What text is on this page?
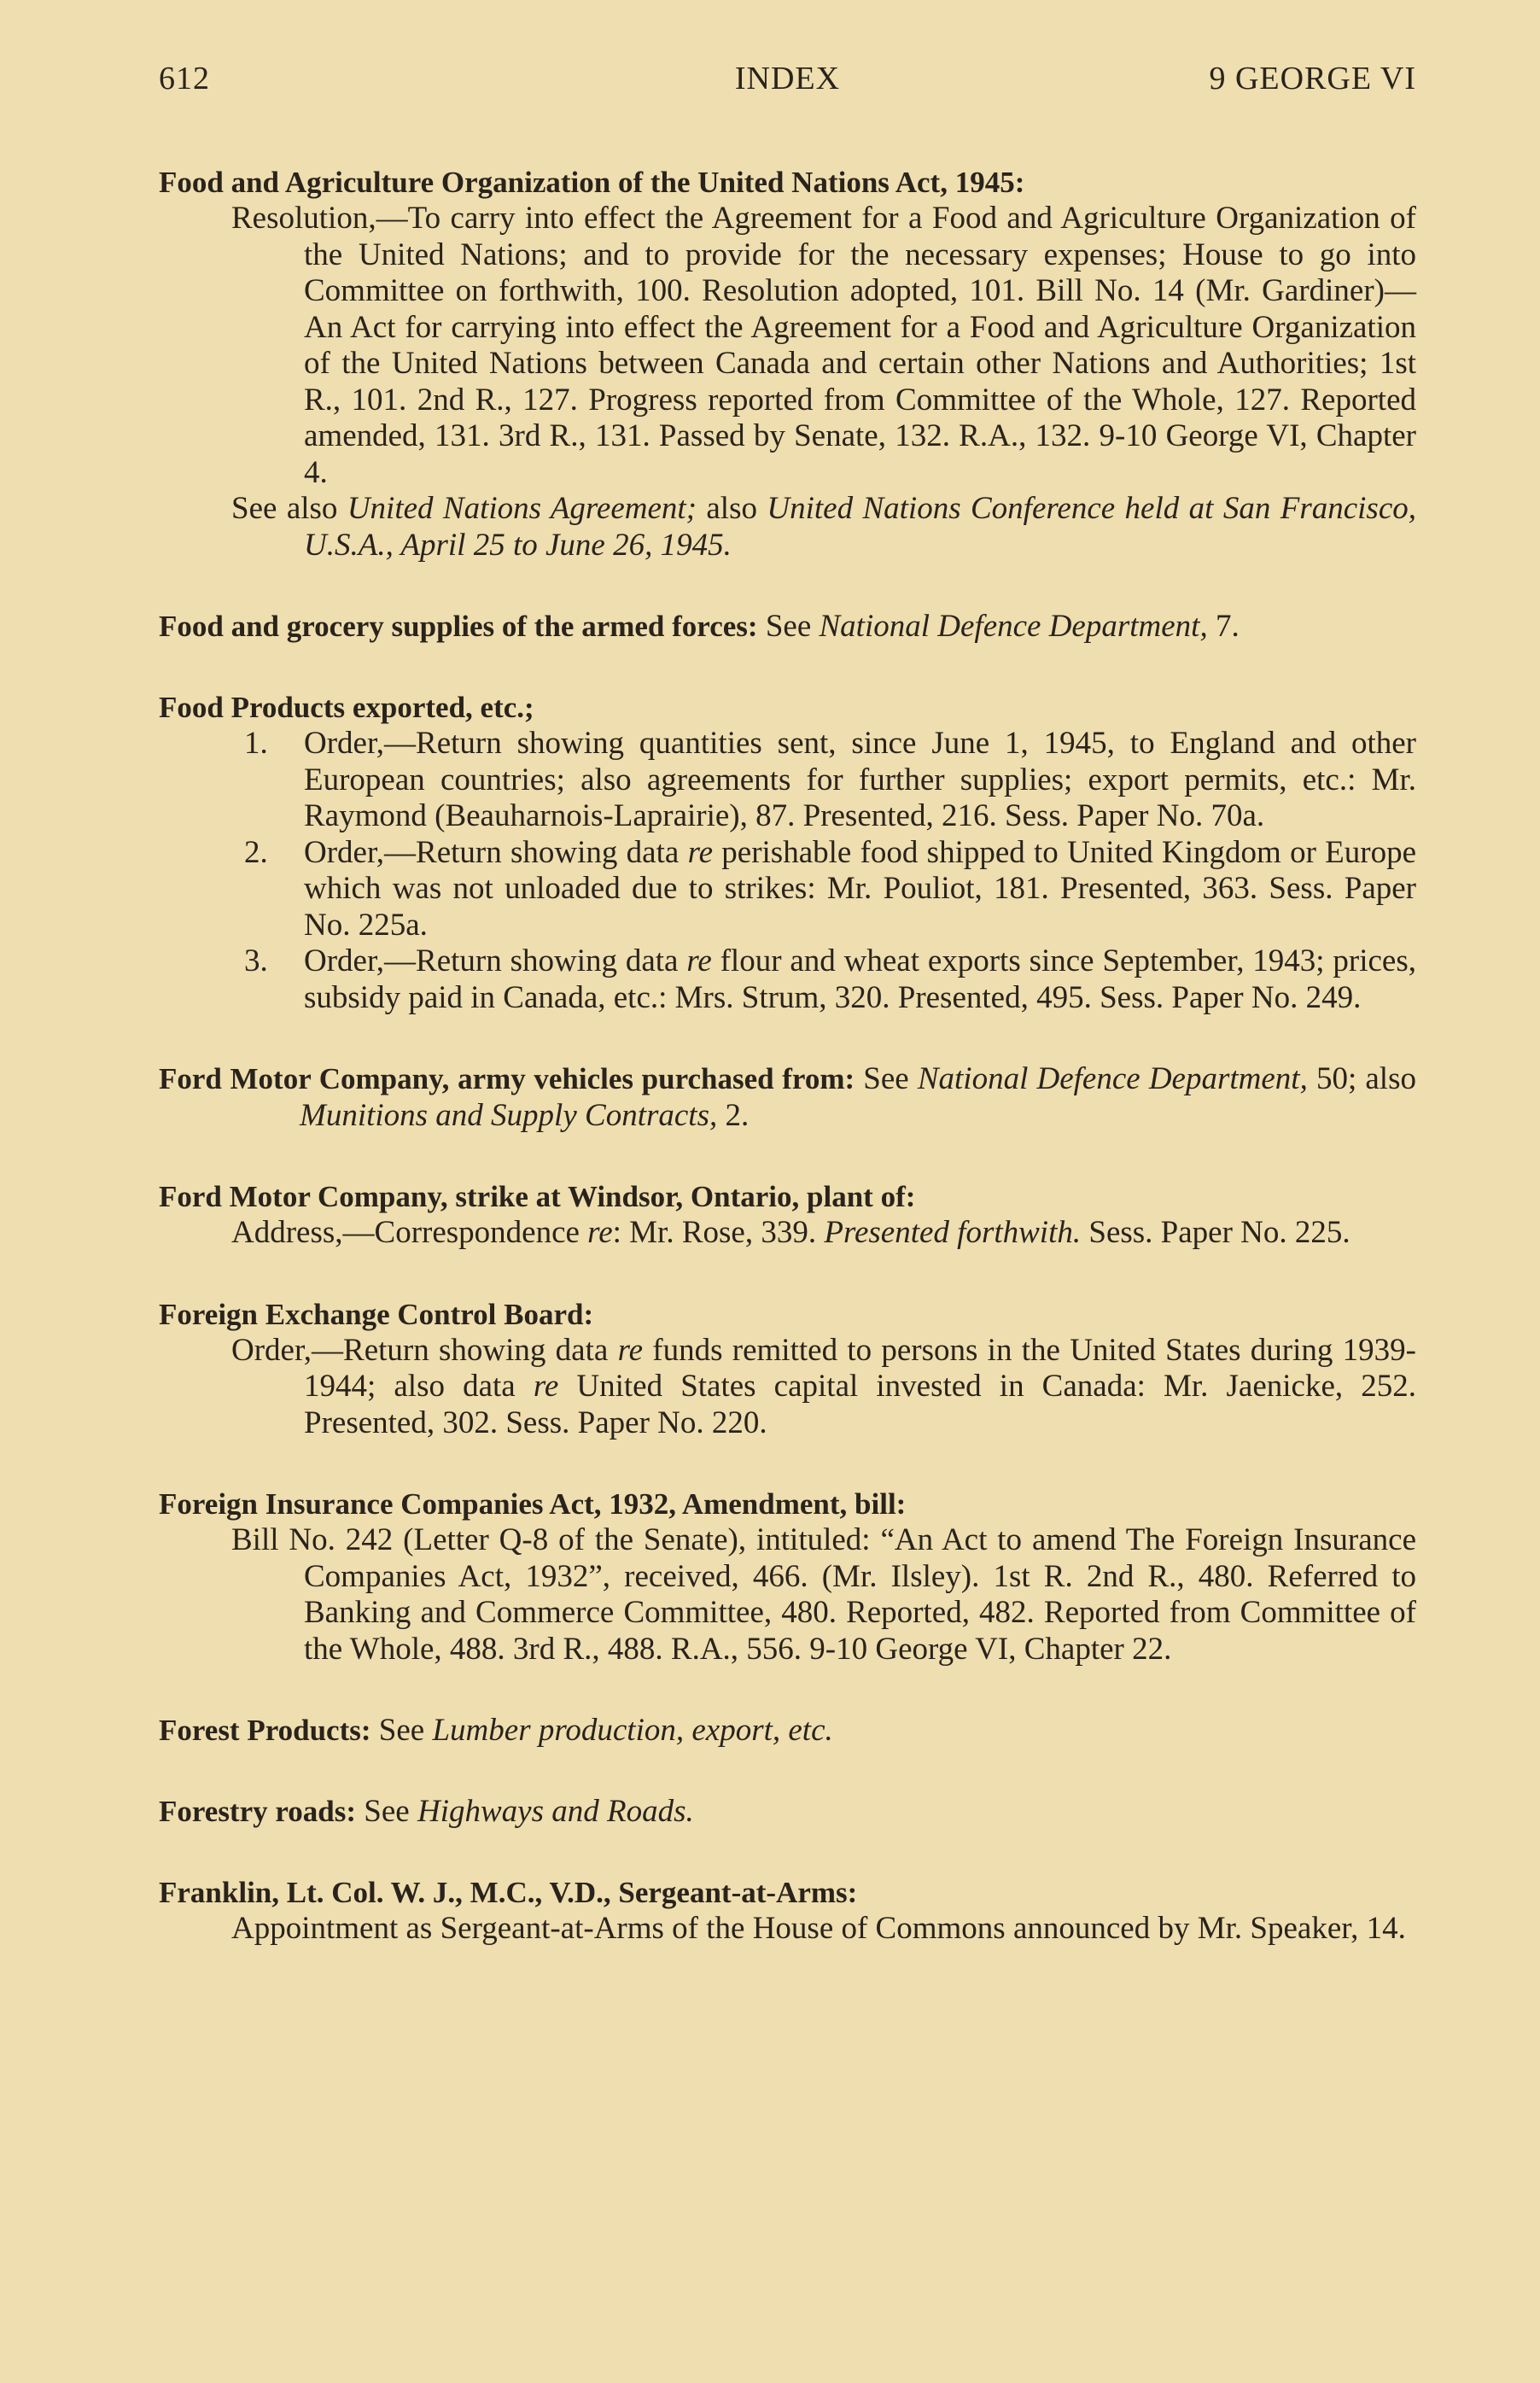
612	INDEX	9 GEORGE VI
Food and Agriculture Organization of the United Nations Act, 1945:

Resolution,—To carry into effect the Agreement for a Food and Agriculture Organization of the United Nations; and to provide for the necessary expenses; House to go into Committee on forthwith, 100. Resolution adopted, 101. Bill No. 14 (Mr. Gardiner)—An Act for carrying into effect the Agreement for a Food and Agriculture Organization of the United Nations between Canada and certain other Nations and Authorities; 1st R., 101. 2nd R., 127. Progress reported from Committee of the Whole, 127. Reported amended, 131. 3rd R., 131. Passed by Senate, 132. R.A., 132. 9-10 George VI, Chapter 4.

See also United Nations Agreement; also United Nations Conference held at San Francisco, U.S.A., April 25 to June 26, 1945.

Food and grocery supplies of the armed forces: See National Defence Department, 7.
Food Products exported, etc.;

1. Order,—Return showing quantities sent, since June 1, 1945, to England and other European countries; also agreements for further supplies; export permits, etc.: Mr. Raymond (Beauharnois-Laprairie), 87. Presented, 216. Sess. Paper No. 70a.

2. Order,—Return showing data re perishable food shipped to United Kingdom or Europe which was not unloaded due to strikes: Mr. Pouliot, 181. Presented, 363. Sess. Paper No. 225a.

3. Order,—Return showing data re flour and wheat exports since September, 1943; prices, subsidy paid in Canada, etc.: Mrs. Strum, 320. Presented, 495. Sess. Paper No. 249.

Ford Motor Company, army vehicles purchased from: See National Defence Department, 50; also Munitions and Supply Contracts, 2.
Ford Motor Company, strike at Windsor, Ontario, plant of:

Address,—Correspondence re: Mr. Rose, 339. Presented forthwith. Sess. Paper No. 225.

Foreign Exchange Control Board:

Order,—Return showing data re funds remitted to persons in the United States during 1939-1944; also data re United States capital invested in Canada: Mr. Jaenicke, 252. Presented, 302. Sess. Paper No. 220.

Foreign Insurance Companies Act, 1932, Amendment, bill:

Bill No. 242 (Letter Q-8 of the Senate), intituled: “An Act to amend The Foreign Insurance Companies Act, 1932”, received, 466. (Mr. Ilsley). 1st R. 2nd R., 480. Referred to Banking and Commerce Committee, 480. Reported, 482. Reported from Committee of the Whole, 488. 3rd R., 488. R.A., 556. 9-10 George VI, Chapter 22.

Forest Products: See Lumber production, export, etc.
Forestry roads: See Highways and Roads.
Franklin, Lt. Col. W. J., M.C., V.D., Sergeant-at-Arms:

Appointment as Sergeant-at-Arms of the House of Commons announced by Mr. Speaker, 14.
